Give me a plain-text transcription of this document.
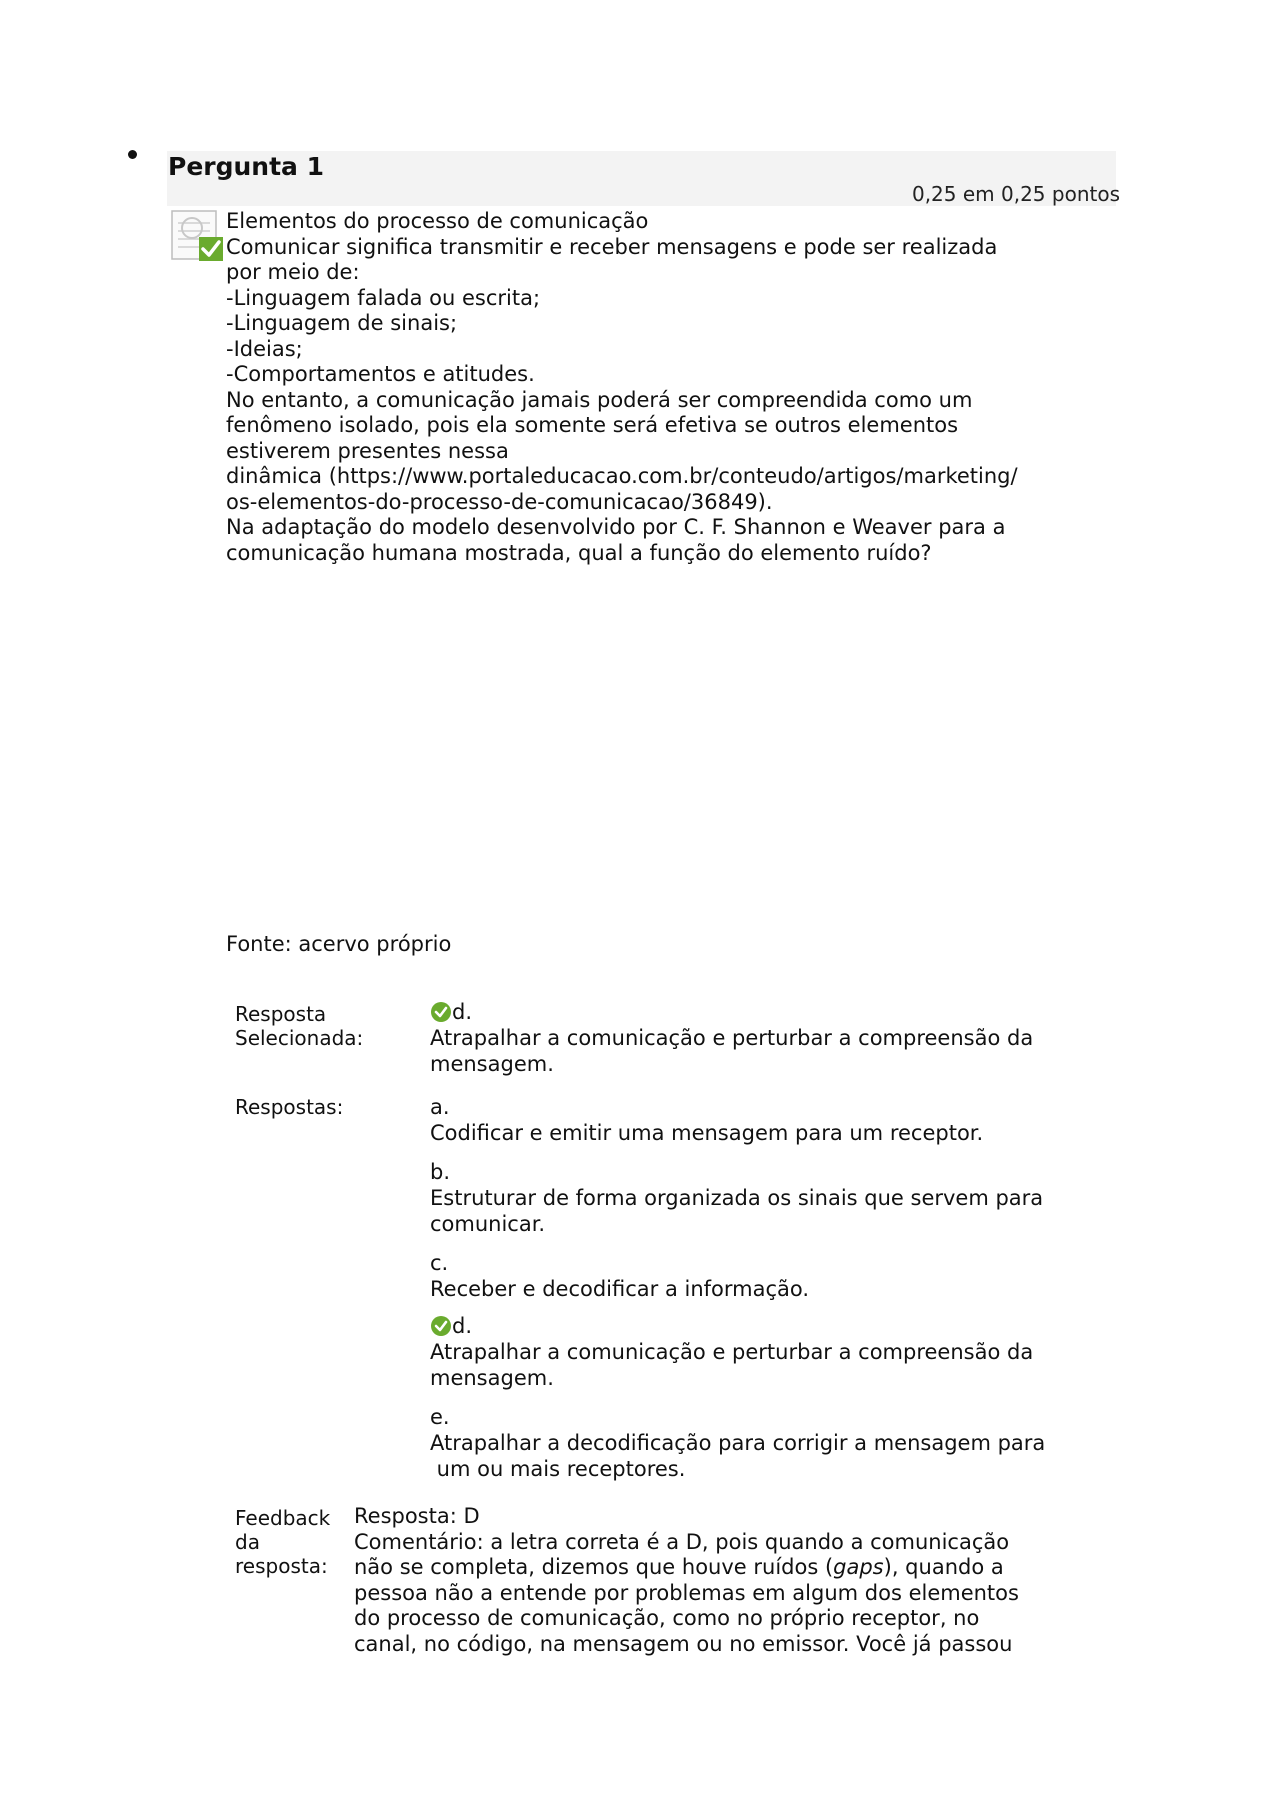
Pergunta 1
0,25 em 0,25 pontos
Elementos do processo de comunicação
Comunicar significa transmitir e receber mensagens e pode ser realizada
por meio de:
-Linguagem falada ou escrita;
-Linguagem de sinais;
-Ideias;
-Comportamentos e atitudes.
No entanto, a comunicação jamais poderá ser compreendida como um
fenômeno isolado, pois ela somente será efetiva se outros elementos
estiverem presentes nessa
dinâmica (https://www.portaleducacao.com.br/conteudo/artigos/marketing/
os-elementos-do-processo-de-comunicacao/36849).
Na adaptação do modelo desenvolvido por C. F. Shannon e Weaver para a
comunicação humana mostrada, qual a função do elemento ruído?
Fonte: acervo próprio
Resposta
Selecionada:
d.
Atrapalhar a comunicação e perturbar a compreensão da
mensagem.
Respostas:	a.
Codificar e emitir uma mensagem para um receptor.
b.
Estruturar de forma organizada os sinais que servem para
comunicar.
c.
Receber e decodificar a informação.
d.
Atrapalhar a comunicação e perturbar a compreensão da
mensagem.
e.
Atrapalhar a decodificação para corrigir a mensagem para
um ou mais receptores.
Feedback
da
resposta:
Resposta: D
Comentário: a letra correta é a D, pois quando a comunicação
não se completa, dizemos que houve ruídos (gaps), quando a
pessoa não a entende por problemas em algum dos elementos
do processo de comunicação, como no próprio receptor, no
canal, no código, na mensagem ou no emissor. Você já passou
